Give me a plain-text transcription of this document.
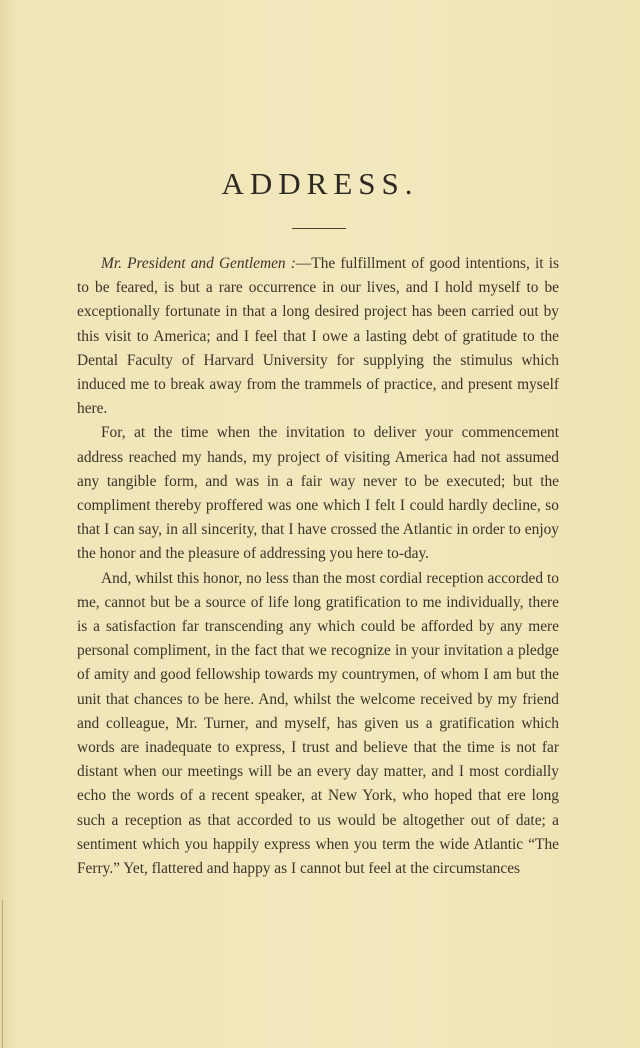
ADDRESS.

Mr. President and Gentlemen :—The fulfillment of good intentions, it is to be feared, is but a rare occurrence in our lives, and I hold myself to be exceptionally fortunate in that a long desired project has been carried out by this visit to America; and I feel that I owe a lasting debt of gratitude to the Dental Faculty of Harvard University for supplying the stimulus which induced me to break away from the trammels of practice, and present myself here.

For, at the time when the invitation to deliver your commencement address reached my hands, my project of visiting America had not assumed any tangible form, and was in a fair way never to be executed; but the compliment thereby proffered was one which I felt I could hardly decline, so that I can say, in all sincerity, that I have crossed the Atlantic in order to enjoy the honor and the pleasure of addressing you here to-day.

And, whilst this honor, no less than the most cordial reception accorded to me, cannot but be a source of life long gratification to me individually, there is a satisfaction far transcending any which could be afforded by any mere personal compliment, in the fact that we recognize in your invitation a pledge of amity and good fellowship towards my countrymen, of whom I am but the unit that chances to be here. And, whilst the welcome received by my friend and colleague, Mr. Turner, and myself, has given us a gratification which words are inadequate to express, I trust and believe that the time is not far distant when our meetings will be an every day matter, and I most cordially echo the words of a recent speaker, at New York, who hoped that ere long such a reception as that accorded to us would be altogether out of date; a sentiment which you happily express when you term the wide Atlantic “The Ferry.” Yet, flattered and happy as I cannot but feel at the circumstances
